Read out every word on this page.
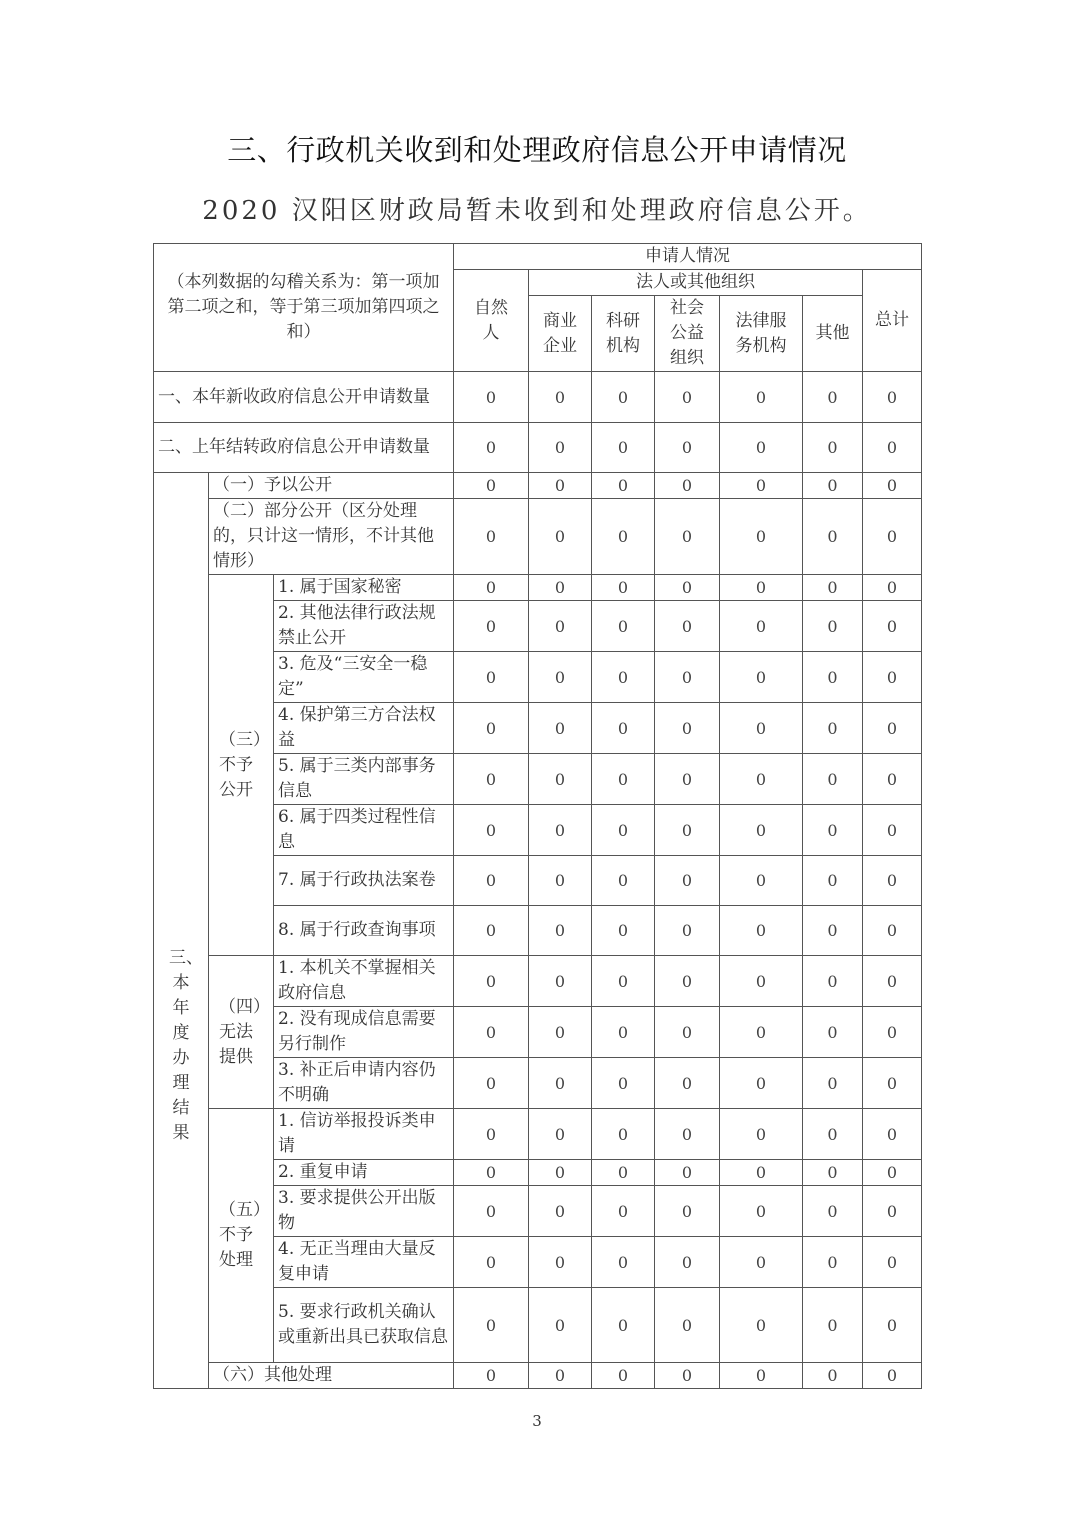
三、行政机关收到和处理政府信息公开申请情况
2020 汉阳区财政局暂未收到和处理政府信息公开。
（本列数据的勾稽关系为：第一项加第二项之和，等于第三项加第四项之和）			申请人情况						
			自然人	法人或其他组织					总计
				商业企业	科研机构	社会公益组织	法律服务机构	其他	
一、本年新收政府信息公开申请数量			0	0	0	0	0	0	0
二、上年结转政府信息公开申请数量			0	0	0	0	0	0	0
三、本年度办理结果	（一）予以公开		0	0	0	0	0	0	0
	（二）部分公开（区分处理的，只计这一情形，不计其他情形）		0	0	0	0	0	0	0
	（三）不予公开	1. 属于国家秘密	0	0	0	0	0	0	0
		2. 其他法律行政法规禁止公开	0	0	0	0	0	0	0
		3. 危及“三安全一稳定”	0	0	0	0	0	0	0
		4. 保护第三方合法权益	0	0	0	0	0	0	0
		5. 属于三类内部事务信息	0	0	0	0	0	0	0
		6. 属于四类过程性信息	0	0	0	0	0	0	0
		7. 属于行政执法案卷	0	0	0	0	0	0	0
		8. 属于行政查询事项	0	0	0	0	0	0	0
	（四）无法提供	1. 本机关不掌握相关政府信息	0	0	0	0	0	0	0
		2. 没有现成信息需要另行制作	0	0	0	0	0	0	0
		3. 补正后申请内容仍不明确	0	0	0	0	0	0	0
	（五）不予处理	1. 信访举报投诉类申请	0	0	0	0	0	0	0
		2. 重复申请	0	0	0	0	0	0	0
		3. 要求提供公开出版物	0	0	0	0	0	0	0
		4. 无正当理由大量反复申请	0	0	0	0	0	0	0
		5. 要求行政机关确认或重新出具已获取信息	0	0	0	0	0	0	0
	（六）其他处理		0	0	0	0	0	0	0
3
